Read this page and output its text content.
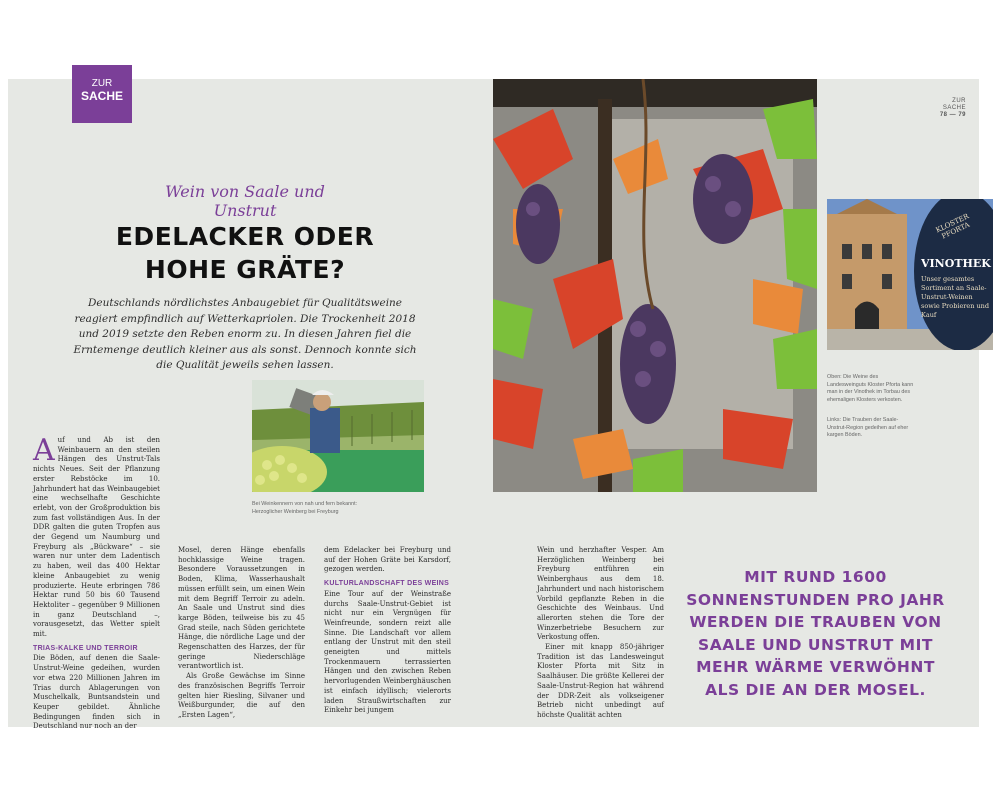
ZUR
SACHE	ZUR SACHE
78 — 79
Wein von Saale und Unstrut
EDELACKER ODER
HOHE GRÄTE?
Deutschlands nördlichstes Anbaugebiet für Qualitätsweine reagiert empfindlich auf Wetterkapriolen. Die Trockenheit 2018 und 2019 setzte den Reben enorm zu. In diesen Jahren fiel die Erntemenge deutlich kleiner aus als sonst. Dennoch konnte sich die Qualität jeweils sehen lassen.
Bei Weinkennern von nah und fern bekannt: Herzoglicher Weinberg bei Freyburg
KLOSTER PFORTA
VINOTHEK
Unser gesamtes Sortiment an Saale-Unstrut-Weinen sowie Probieren und Kauf
Oben: Die Weine des Landesweinguts Kloster Pforta kann man in der Vinothek im Torbau des ehemaligen Klosters verkosten.
Links: Die Trauben der Saale-Unstrut-Region gedeihen auf eher kargen Böden.

Auf und Ab ist den Weinbauern an den steilen Hängen des Unstrut-Tals nichts Neues. Seit der Pflanzung erster Rebstöcke im 10. Jahrhundert hat das Weinbaugebiet eine wechselhafte Geschichte erlebt, von der Großproduktion bis zum fast vollständigen Aus. In der DDR galten die guten Tropfen aus der Gegend um Naumburg und Freyburg als „Bückware“ – sie waren nur unter dem Ladentisch zu haben, weil das 400 Hektar kleine Anbaugebiet zu wenig produzierte. Heute erbringen 786 Hektar rund 50 bis 60 Tausend Hektoliter – gegenüber 9 Millionen in ganz Deutschland –, vorausgesetzt, das Wetter spielt mit.

TRIAS-KALKE UND TERROIR

Die Böden, auf denen die Saale-Unstrut-Weine gedeihen, wurden vor etwa 220 Millionen Jahren im Trias durch Ablagerungen von Muschelkalk, Buntsandstein und Keuper gebildet. Ähnliche Bedingungen finden sich in Deutschland nur noch an der

Mosel, deren Hänge ebenfalls hochklassige Weine tragen. Besondere Voraussetzungen in Boden, Klima, Wasserhaushalt müssen erfüllt sein, um einen Wein mit dem Begriff Terroir zu adeln. An Saale und Unstrut sind dies karge Böden, teilweise bis zu 45 Grad steile, nach Süden gerichtete Hänge, die nördliche Lage und der Regenschatten des Harzes, der für geringe Niederschläge verantwortlich ist.

Als Große Gewächse im Sinne des französischen Begriffs Terroir gelten hier Riesling, Silvaner und Weißburgunder, die auf den „Ersten Lagen“,

dem Edelacker bei Freyburg und auf der Hohen Gräte bei Karsdorf, gezogen werden.

KULTURLANDSCHAFT DES WEINS

Eine Tour auf der Weinstraße durchs Saale-Unstrut-Gebiet ist nicht nur ein Vergnügen für Weinfreunde, sondern reizt alle Sinne. Die Landschaft vor allem entlang der Unstrut mit den steil geneigten und mittels Trockenmauern terrassierten Hängen und den zwischen Reben hervorlugenden Weinberghäuschen ist einfach idyllisch; vielerorts laden Straußwirtschaften zur Einkehr bei jungem

Wein und herzhafter Vesper. Am Herzöglichen Weinberg bei Freyburg entführen ein Weinberghaus aus dem 18. Jahrhundert und nach historischem Vorbild gepflanzte Reben in die Geschichte des Weinbaus. Und allerorten stehen die Tore der Winzerbetriebe Besuchern zur Verkostung offen.

Einer mit knapp 850-jähriger Tradition ist das Landesweingut Kloster Pforta mit Sitz in Saalhäuser. Die größte Kellerei der Saale-Unstrut-Region hat während der DDR-Zeit als volkseigener Betrieb nicht unbedingt auf höchste Qualität achten

MIT RUND 1600 SONNENSTUNDEN PRO JAHR WERDEN DIE TRAUBEN VON SAALE UND UNSTRUT MIT MEHR WÄRME VERWÖHNT ALS DIE AN DER MOSEL.
